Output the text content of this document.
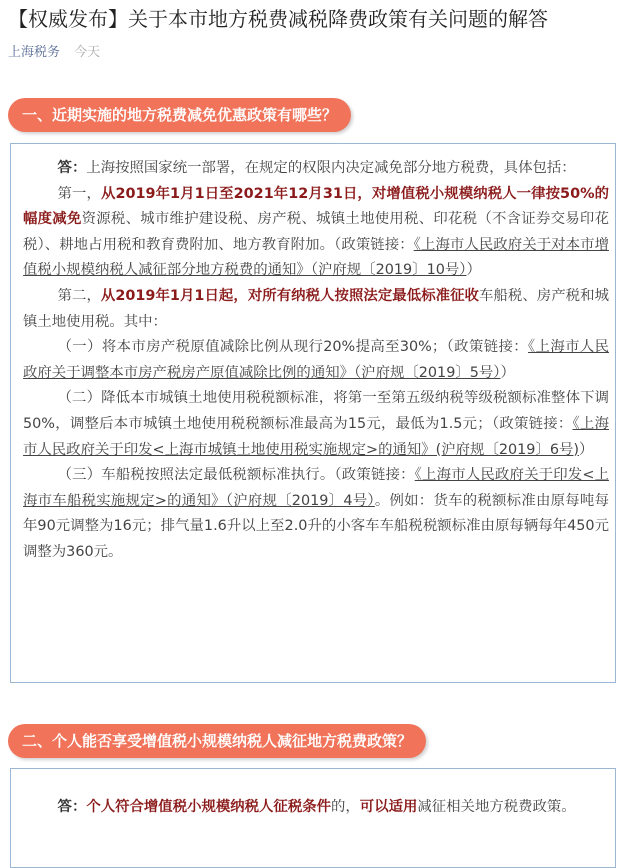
【权威发布】关于本市地方税费减税降费政策有关问题的解答
上海税务 今天
一、近期实施的地方税费减免优惠政策有哪些？

答：上海按照国家统一部署，在规定的权限内决定减免部分地方税费，具体包括：

第一，从2019年1月1日至2021年12月31日，对增值税小规模纳税人一律按50%的幅度减免资源税、城市维护建设税、房产税、城镇土地使用税、印花税（不含证券交易印花税）、耕地占用税和教育费附加、地方教育附加。（政策链接：《上海市人民政府关于对本市增值税小规模纳税人减征部分地方税费的通知》（沪府规〔2019〕10号））

第二，从2019年1月1日起，对所有纳税人按照法定最低标准征收车船税、房产税和城镇土地使用税。其中：

（一）将本市房产税原值减除比例从现行20%提高至30%；（政策链接：《上海市人民政府关于调整本市房产税房产原值减除比例的通知》（沪府规〔2019〕5号））

（二）降低本市城镇土地使用税税额标准，将第一至第五级纳税等级税额标准整体下调50%，调整后本市城镇土地使用税税额标准最高为15元，最低为1.5元；（政策链接：《上海市人民政府关于印发<上海市城镇土地使用税实施规定>的通知》(沪府规〔2019〕6号)）

（三）车船税按照法定最低税额标准执行。（政策链接：《上海市人民政府关于印发<上海市车船税实施规定>的通知》（沪府规〔2019〕4号）。例如：货车的税额标准由原每吨每年90元调整为16元；排气量1.6升以上至2.0升的小客车车船税税额标准由原每辆每年450元调整为360元。

二、个人能否享受增值税小规模纳税人减征地方税费政策？

答：个人符合增值税小规模纳税人征税条件的，可以适用减征相关地方税费政策。
